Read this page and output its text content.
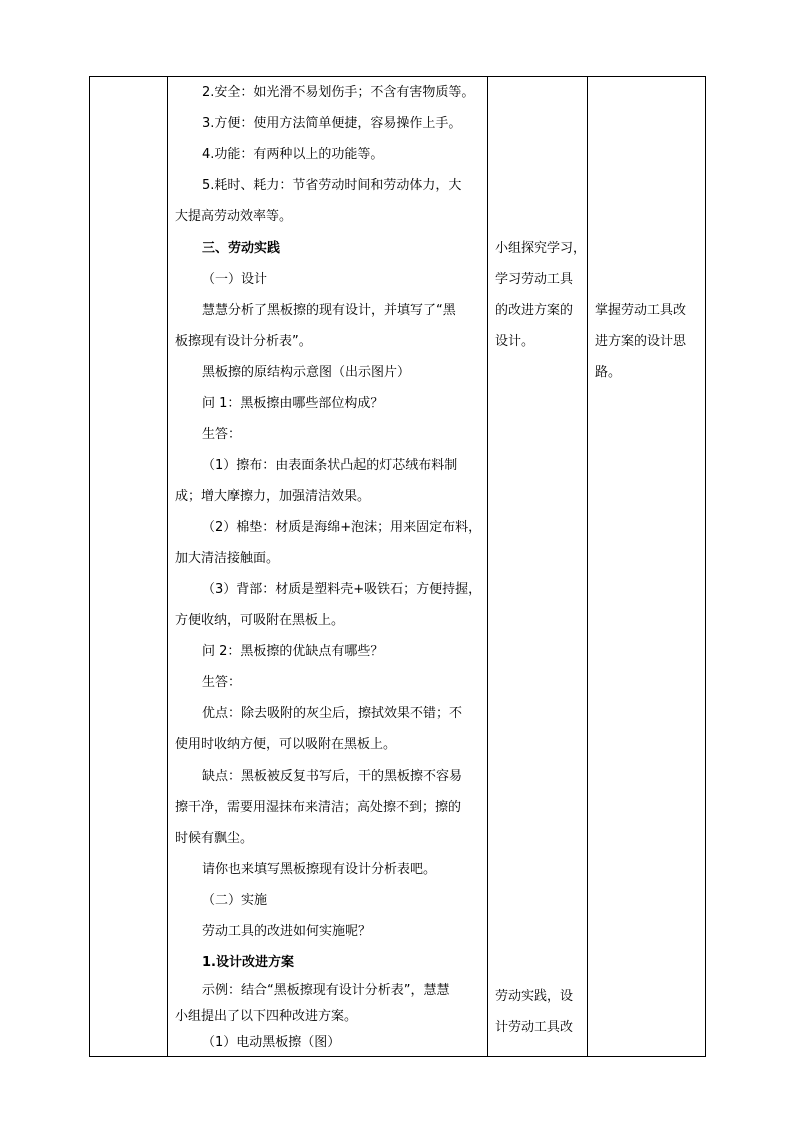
2.安全：如光滑不易划伤手；不含有害物质等。
3.方便：使用方法简单便捷，容易操作上手。
4.功能：有两种以上的功能等。
5.耗时、耗力：节省劳动时间和劳动体力，大
大提高劳动效率等。
三、劳动实践
（一）设计
慧慧分析了黑板擦的现有设计，并填写了“黑
板擦现有设计分析表”。
黑板擦的原结构示意图（出示图片）
问 1：黑板擦由哪些部位构成？
生答：
（1）擦布：由表面条状凸起的灯芯绒布料制
成；增大摩擦力，加强清洁效果。
（2）棉垫：材质是海绵+泡沫；用来固定布料，
加大清洁接触面。
（3）背部：材质是塑料壳+吸铁石；方便持握，
方便收纳，可吸附在黑板上。
问 2：黑板擦的优缺点有哪些？
生答：
优点：除去吸附的灰尘后，擦拭效果不错；不
使用时收纳方便，可以吸附在黑板上。
缺点：黑板被反复书写后，干的黑板擦不容易
擦干净，需要用湿抹布来清洁；高处擦不到；擦的
时候有飘尘。
请你也来填写黑板擦现有设计分析表吧。
（二）实施
劳动工具的改进如何实施呢？
1.设计改进方案
示例：结合“黑板擦现有设计分析表”，慧慧
小组提出了以下四种改进方案。
（1）电动黑板擦（图）
小组探究学习，
学习劳动工具
的改进方案的
设计。
劳动实践，设
计劳动工具改
掌握劳动工具改
进方案的设计思
路。
